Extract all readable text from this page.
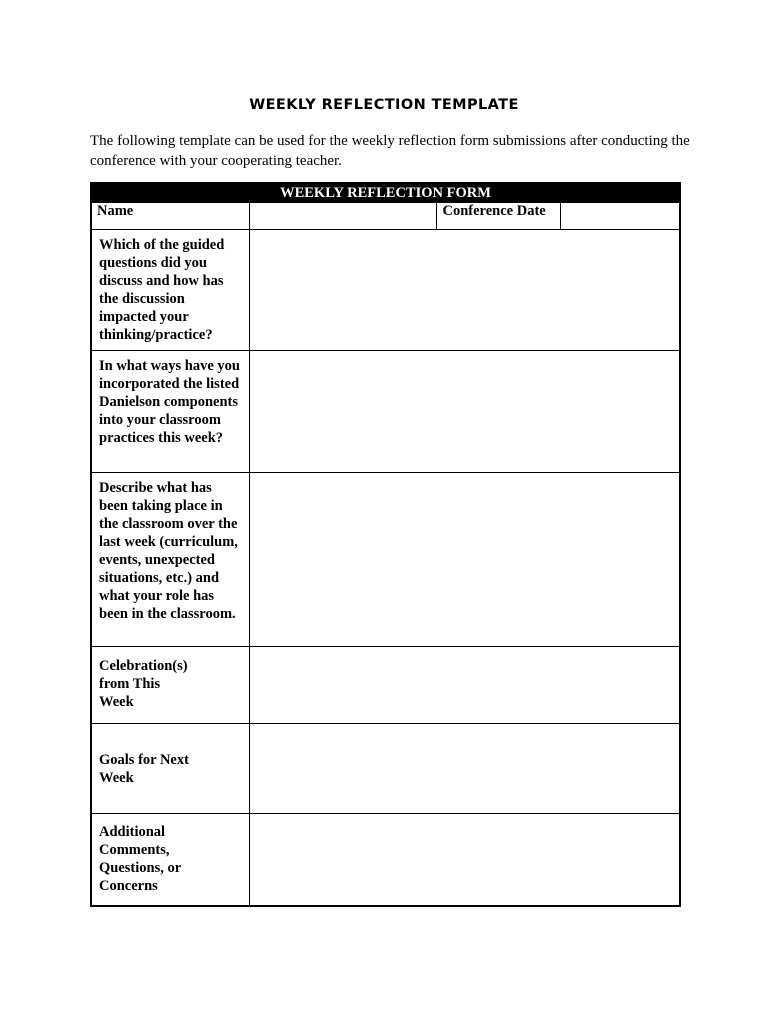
WEEKLY REFLECTION TEMPLATE
The following template can be used for the weekly reflection form submissions after conducting the conference with your cooperating teacher.
WEEKLY REFLECTION FORM			
Name		Conference Date	
Which of the guided questions did you discuss and how has the discussion impacted your thinking/practice?			
In what ways have you incorporated the listed Danielson components into your classroom practices this week?			
Describe what has been taking place in the classroom over the last week (curriculum, events, unexpected situations, etc.) and what your role has been in the classroom.			
Celebration(s) from This Week			
Goals for Next Week			
Additional Comments, Questions, or Concerns			
